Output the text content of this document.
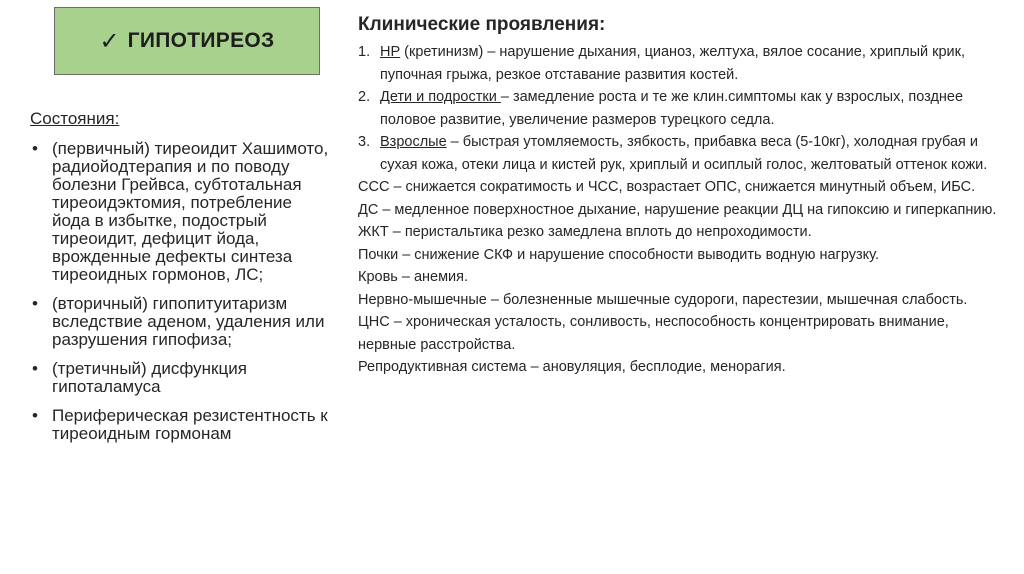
✓ ГИПОТИРЕОЗ
Состояния:
• (первичный) тиреоидит Хашимото, радиойодтерапия и по поводу болезни Грейвса, субтотальная тиреоидэктомия, потребление йода в избытке, подострый тиреоидит, дефицит йода, врожденные дефекты синтеза тиреоидных гормонов, ЛС;
• (вторичный) гипопитуитаризм вследствие аденом, удаления или разрушения гипофиза;
• (третичный) дисфункция гипоталамуса
• Периферическая резистентность к тиреоидным гормонам
Клинические проявления:
1. НР (кретинизм) – нарушение дыхания, цианоз, желтуха, вялое сосание, хриплый крик, пупочная грыжа, резкое отставание развития костей.
2. Дети и подростки – замедление роста и те же клин.симптомы как у взрослых, позднее половое развитие, увеличение размеров турецкого седла.
3. Взрослые – быстрая утомляемость, зябкость, прибавка веса (5-10кг), холодная грубая и сухая кожа, отеки лица и кистей рук, хриплый и осиплый голос, желтоватый оттенок кожи.

ССС – снижается сократимость и ЧСС, возрастает ОПС, снижается минутный объем, ИБС.

ДС – медленное поверхностное дыхание, нарушение реакции ДЦ на гипоксию и гиперкапнию.

ЖКТ – перистальтика резко замедлена вплоть до непроходимости.

Почки – снижение СКФ и нарушение способности выводить водную нагрузку.

Кровь – анемия.

Нервно-мышечные – болезненные мышечные судороги, парестезии, мышечная слабость.

ЦНС – хроническая усталость, сонливость, неспособность концентрировать внимание, нервные расстройства.

Репродуктивная система – ановуляция, бесплодие, менорагия.
